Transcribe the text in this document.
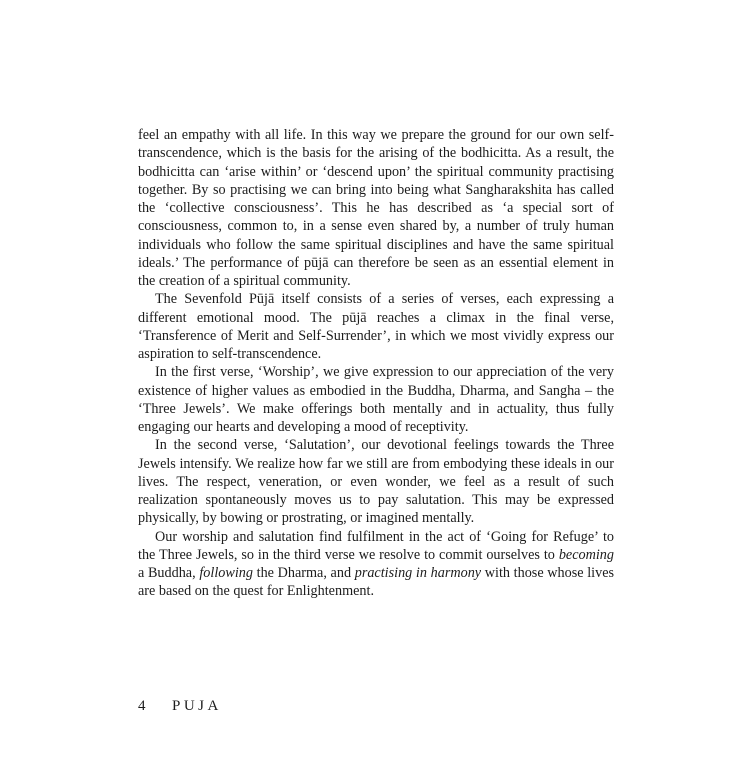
feel an empathy with all life. In this way we prepare the ground for our own self-transcendence, which is the basis for the arising of the bodhicitta. As a result, the bodhicitta can ‘arise within’ or ‘descend upon’ the spiritual community practising together. By so practising we can bring into being what Sangharakshita has called the ‘collective consciousness’. This he has described as ‘a special sort of consciousness, common to, in a sense even shared by, a number of truly human individuals who follow the same spiritual disciplines and have the same spiritual ideals.’ The performance of pūjā can therefore be seen as an essential element in the creation of a spiritual community.

The Sevenfold Pūjā itself consists of a series of verses, each expressing a different emotional mood. The pūjā reaches a climax in the final verse, ‘Transference of Merit and Self-Surrender’, in which we most vividly express our aspiration to self-transcendence.

In the first verse, ‘Worship’, we give expression to our appreciation of the very existence of higher values as embodied in the Buddha, Dharma, and Sangha – the ‘Three Jewels’. We make offerings both mentally and in actuality, thus fully engaging our hearts and developing a mood of receptivity.

In the second verse, ‘Salutation’, our devotional feelings towards the Three Jewels intensify. We realize how far we still are from embodying these ideals in our lives. The respect, veneration, or even wonder, we feel as a result of such realization spontaneously moves us to pay salutation. This may be expressed physically, by bowing or prostrating, or imagined mentally.

Our worship and salutation find fulfilment in the act of ‘Going for Refuge’ to the Three Jewels, so in the third verse we resolve to commit ourselves to becoming a Buddha, following the Dharma, and practising in harmony with those whose lives are based on the quest for Enlightenment.

4	PUJA
